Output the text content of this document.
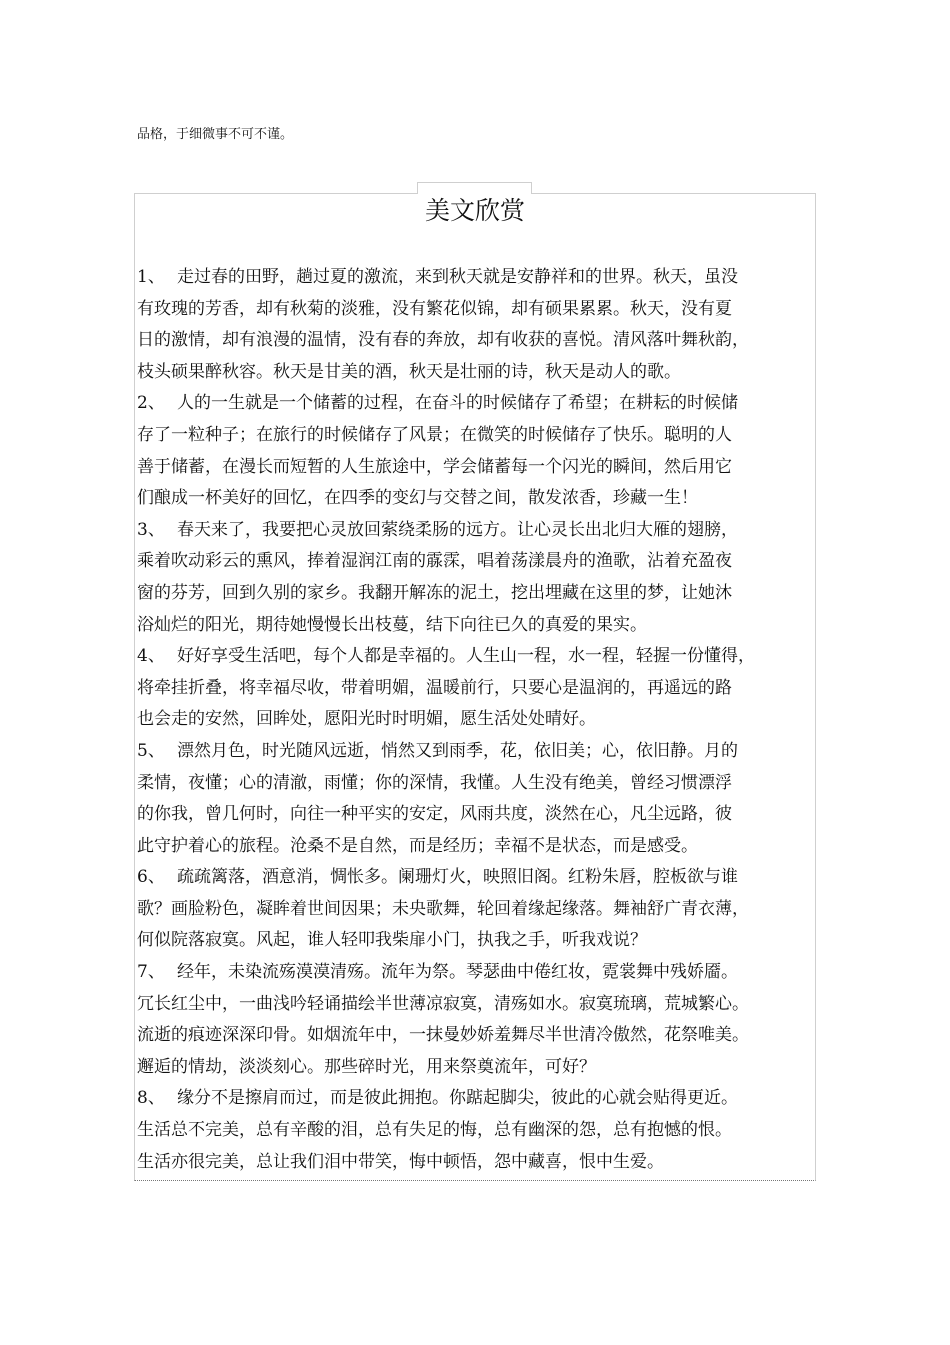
品格，于细微事不可不谨。
美文欣赏
1、 走过春的田野，趟过夏的激流，来到秋天就是安静祥和的世界。秋天，虽没
有玫瑰的芳香，却有秋菊的淡雅，没有繁花似锦，却有硕果累累。秋天，没有夏
日的激情，却有浪漫的温情，没有春的奔放，却有收获的喜悦。清风落叶舞秋韵，
枝头硕果醉秋容。秋天是甘美的酒，秋天是壮丽的诗，秋天是动人的歌。
2、 人的一生就是一个储蓄的过程，在奋斗的时候储存了希望；在耕耘的时候储
存了一粒种子；在旅行的时候储存了风景；在微笑的时候储存了快乐。聪明的人
善于储蓄，在漫长而短暂的人生旅途中，学会储蓄每一个闪光的瞬间，然后用它
们酿成一杯美好的回忆，在四季的变幻与交替之间，散发浓香，珍藏一生！
3、 春天来了，我要把心灵放回萦绕柔肠的远方。让心灵长出北归大雁的翅膀，
乘着吹动彩云的熏风，捧着湿润江南的霡霂，唱着荡漾晨舟的渔歌，沾着充盈夜
窗的芬芳，回到久别的家乡。我翻开解冻的泥土，挖出埋藏在这里的梦，让她沐
浴灿烂的阳光，期待她慢慢长出枝蔓，结下向往已久的真爱的果实。
4、 好好享受生活吧，每个人都是幸福的。人生山一程，水一程，轻握一份懂得，
将牵挂折叠，将幸福尽收，带着明媚，温暖前行，只要心是温润的，再遥远的路
也会走的安然，回眸处，愿阳光时时明媚，愿生活处处晴好。
5、 漂然月色，时光随风远逝，悄然又到雨季，花，依旧美；心，依旧静。月的
柔情，夜懂；心的清澈，雨懂；你的深情，我懂。人生没有绝美，曾经习惯漂浮
的你我，曾几何时，向往一种平实的安定，风雨共度，淡然在心，凡尘远路，彼
此守护着心的旅程。沧桑不是自然，而是经历；幸福不是状态，而是感受。
6、 疏疏篱落，酒意消，惆怅多。阑珊灯火，映照旧阁。红粉朱唇，腔板欲与谁
歌？画脸粉色，凝眸着世间因果；未央歌舞，轮回着缘起缘落。舞袖舒广青衣薄，
何似院落寂寞。风起，谁人轻叩我柴扉小门，执我之手，听我戏说？
7、 经年，未染流殇漠漠清殇。流年为祭。琴瑟曲中倦红妆，霓裳舞中残娇靥。
冗长红尘中，一曲浅吟轻诵描绘半世薄凉寂寞，清殇如水。寂寞琉璃，荒城繁心。
流逝的痕迹深深印骨。如烟流年中，一抹曼妙娇羞舞尽半世清冷傲然，花祭唯美。
邂逅的情劫，淡淡刻心。那些碎时光，用来祭奠流年，可好？
8、 缘分不是擦肩而过，而是彼此拥抱。你踮起脚尖，彼此的心就会贴得更近。
生活总不完美，总有辛酸的泪，总有失足的悔，总有幽深的怨，总有抱憾的恨。
生活亦很完美，总让我们泪中带笑，悔中顿悟，怨中藏喜，恨中生爱。
